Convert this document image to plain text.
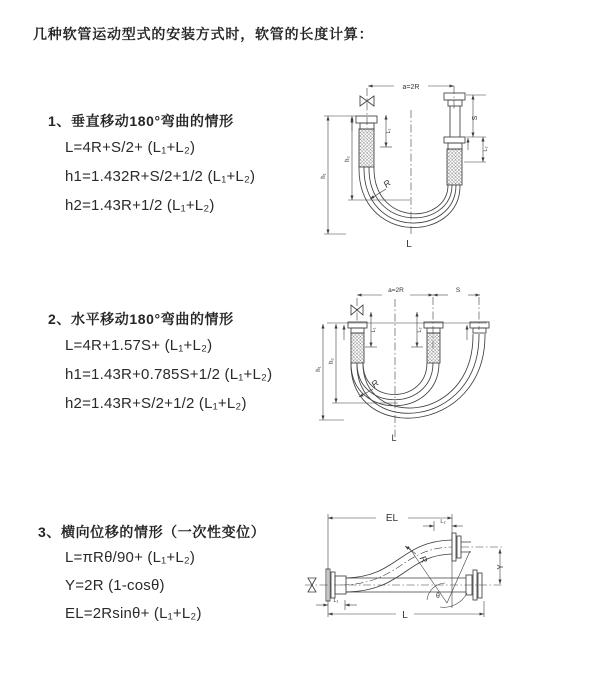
几种软管运动型式的安装方式时，软管的长度计算：
1、垂直移动180°弯曲的情形
L=4R+S/2+ (L₁+L₂)
h1=1.432R+S/2+1/2 (L₁+L₂)
h2=1.43R+1/2 (L₁+L₂)
a=2R
S
L₁
L₂
h₁
h₂
R
L
2、水平移动180°弯曲的情形
L=4R+1.57S+ (L₁+L₂)
h1=1.43R+0.785S+1/2 (L₁+L₂)
h2=1.43R+S/2+1/2 (L₁+L₂)
a=2R	S
L₁	L₂
h₁
h₂
R
L
3、横向位移的情形（一次性变位）
L=πRθ/90+ (L₁+L₂)
Y=2R (1-cosθ)
EL=2Rsinθ+ (L₁+L₂)
EL	L₂
Y
L
L₁
θ
R
